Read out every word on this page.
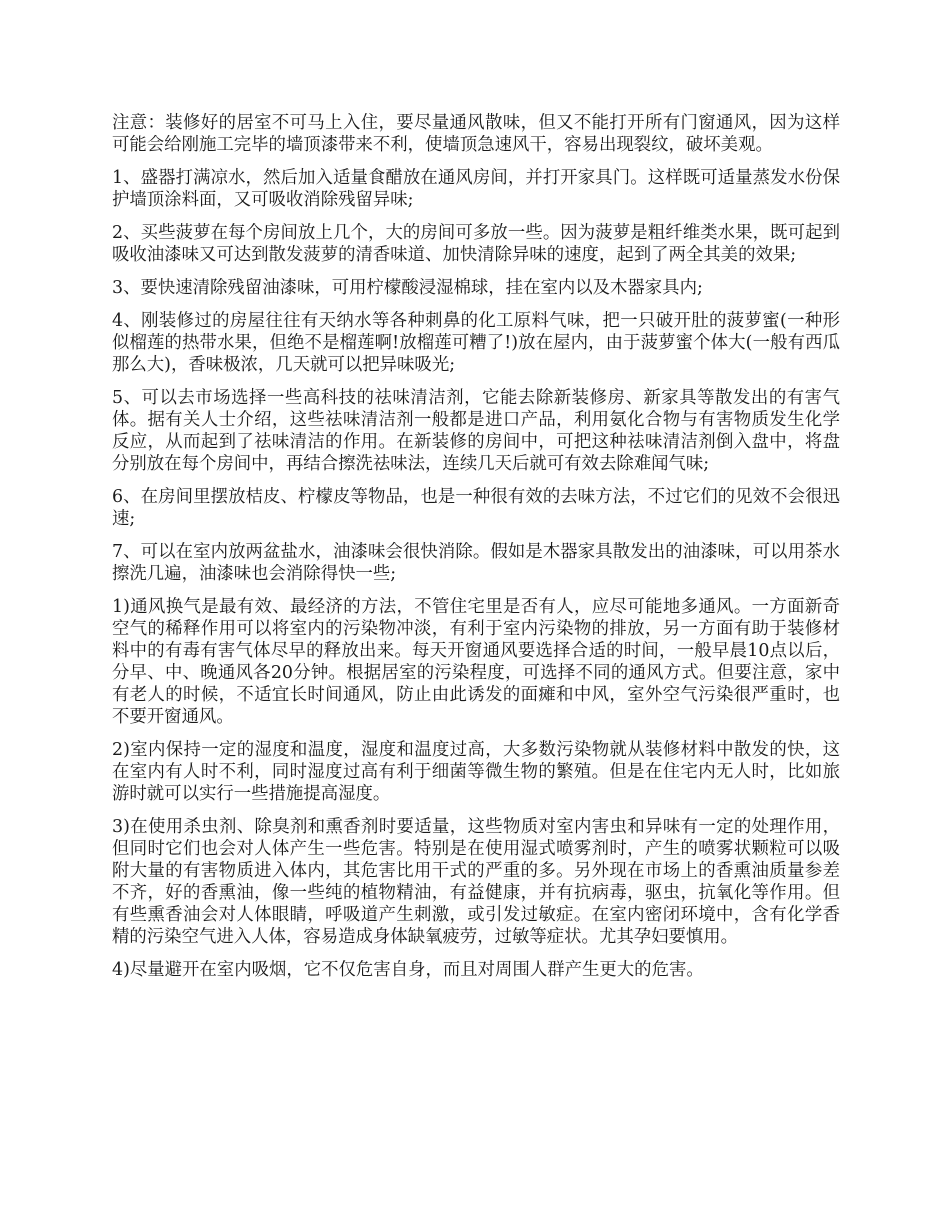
注意：装修好的居室不可马上入住，要尽量通风散味，但又不能打开所有门窗通风，因为这样可能会给刚施工完毕的墙顶漆带来不利，使墙顶急速风干，容易出现裂纹，破坏美观。

1、盛器打满凉水，然后加入适量食醋放在通风房间，并打开家具门。这样既可适量蒸发水份保护墙顶涂料面，又可吸收消除残留异味;

2、买些菠萝在每个房间放上几个，大的房间可多放一些。因为菠萝是粗纤维类水果，既可起到吸收油漆味又可达到散发菠萝的清香味道、加快清除异味的速度，起到了两全其美的效果;

3、要快速清除残留油漆味，可用柠檬酸浸湿棉球，挂在室内以及木器家具内;

4、刚装修过的房屋往往有天纳水等各种刺鼻的化工原料气味，把一只破开肚的菠萝蜜(一种形似榴莲的热带水果，但绝不是榴莲啊!放榴莲可糟了!)放在屋内，由于菠萝蜜个体大(一般有西瓜那么大)，香味极浓，几天就可以把异味吸光;

5、可以去市场选择一些高科技的祛味清洁剂，它能去除新装修房、新家具等散发出的有害气体。据有关人士介绍，这些祛味清洁剂一般都是进口产品，利用氨化合物与有害物质发生化学反应，从而起到了祛味清洁的作用。在新装修的房间中，可把这种祛味清洁剂倒入盘中，将盘分别放在每个房间中，再结合擦洗祛味法，连续几天后就可有效去除难闻气味;

6、在房间里摆放桔皮、柠檬皮等物品，也是一种很有效的去味方法，不过它们的见效不会很迅速;

7、可以在室内放两盆盐水，油漆味会很快消除。假如是木器家具散发出的油漆味，可以用茶水擦洗几遍，油漆味也会消除得快一些;

1)通风换气是最有效、最经济的方法，不管住宅里是否有人，应尽可能地多通风。一方面新奇空气的稀释作用可以将室内的污染物冲淡，有利于室内污染物的排放，另一方面有助于装修材料中的有毒有害气体尽早的释放出来。每天开窗通风要选择合适的时间，一般早晨10点以后，分早、中、晚通风各20分钟。根据居室的污染程度，可选择不同的通风方式。但要注意，家中有老人的时候，不适宜长时间通风，防止由此诱发的面瘫和中风，室外空气污染很严重时，也不要开窗通风。

2)室内保持一定的湿度和温度，湿度和温度过高，大多数污染物就从装修材料中散发的快，这在室内有人时不利，同时湿度过高有利于细菌等微生物的繁殖。但是在住宅内无人时，比如旅游时就可以实行一些措施提高湿度。

3)在使用杀虫剂、除臭剂和熏香剂时要适量，这些物质对室内害虫和异味有一定的处理作用，但同时它们也会对人体产生一些危害。特别是在使用湿式喷雾剂时，产生的喷雾状颗粒可以吸附大量的有害物质进入体内，其危害比用干式的严重的多。另外现在市场上的香熏油质量参差不齐，好的香熏油，像一些纯的植物精油，有益健康，并有抗病毒，驱虫，抗氧化等作用。但有些熏香油会对人体眼睛，呼吸道产生刺激，或引发过敏症。在室内密闭环境中，含有化学香精的污染空气进入人体，容易造成身体缺氧疲劳，过敏等症状。尤其孕妇要慎用。

4)尽量避开在室内吸烟，它不仅危害自身，而且对周围人群产生更大的危害。
